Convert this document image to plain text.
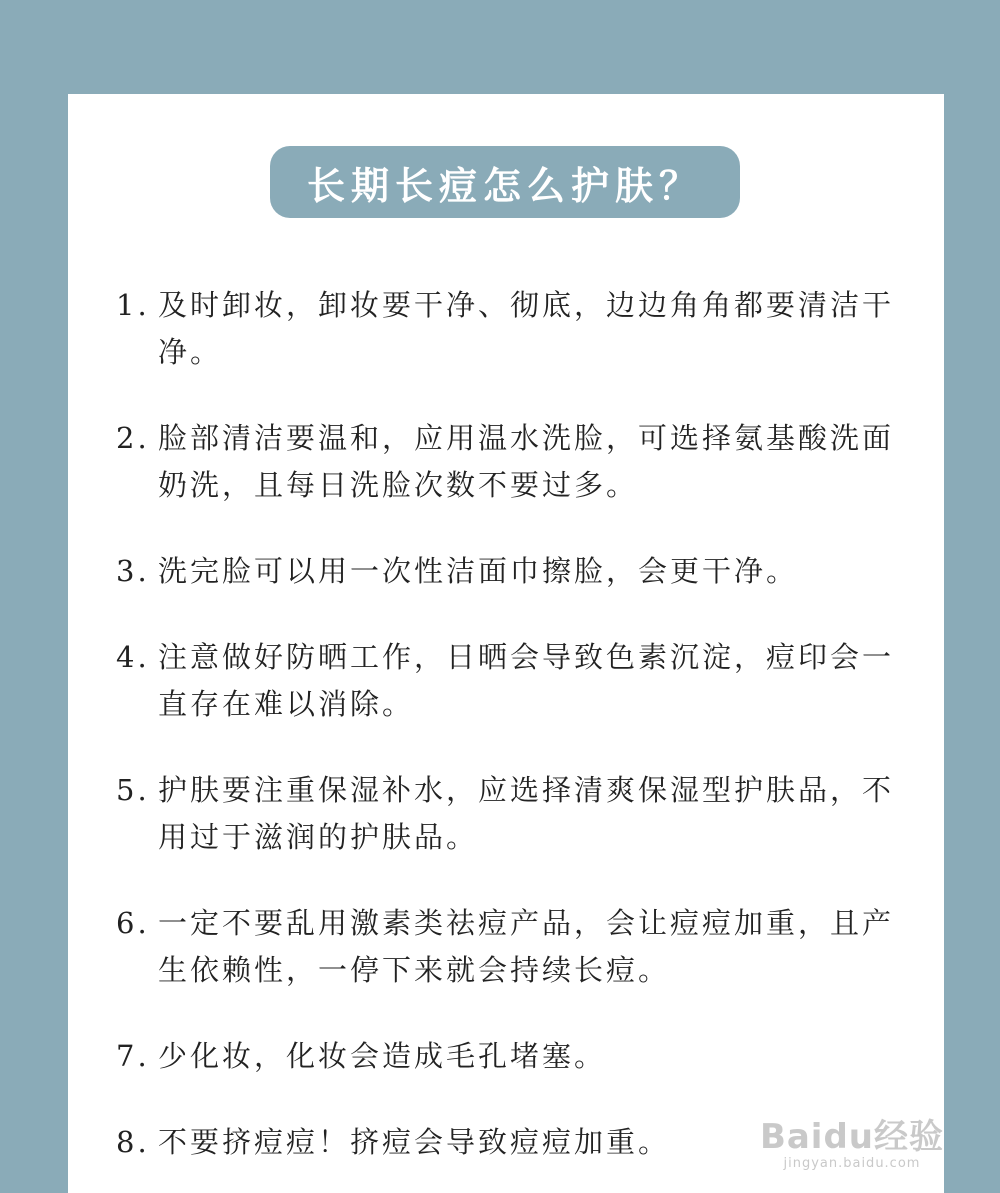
长期长痘怎么护肤？
1. 及时卸妆，卸妆要干净、彻底，边边角角都要清洁干净。
2. 脸部清洁要温和，应用温水洗脸，可选择氨基酸洗面奶洗，且每日洗脸次数不要过多。
3. 洗完脸可以用一次性洁面巾擦脸，会更干净。
4. 注意做好防晒工作，日晒会导致色素沉淀，痘印会一直存在难以消除。
5. 护肤要注重保湿补水，应选择清爽保湿型护肤品，不用过于滋润的护肤品。
6. 一定不要乱用激素类祛痘产品，会让痘痘加重，且产生依赖性，一停下来就会持续长痘。
7. 少化妆，化妆会造成毛孔堵塞。
8. 不要挤痘痘！挤痘会导致痘痘加重。	Baidu经验
jingyan.baidu.com
